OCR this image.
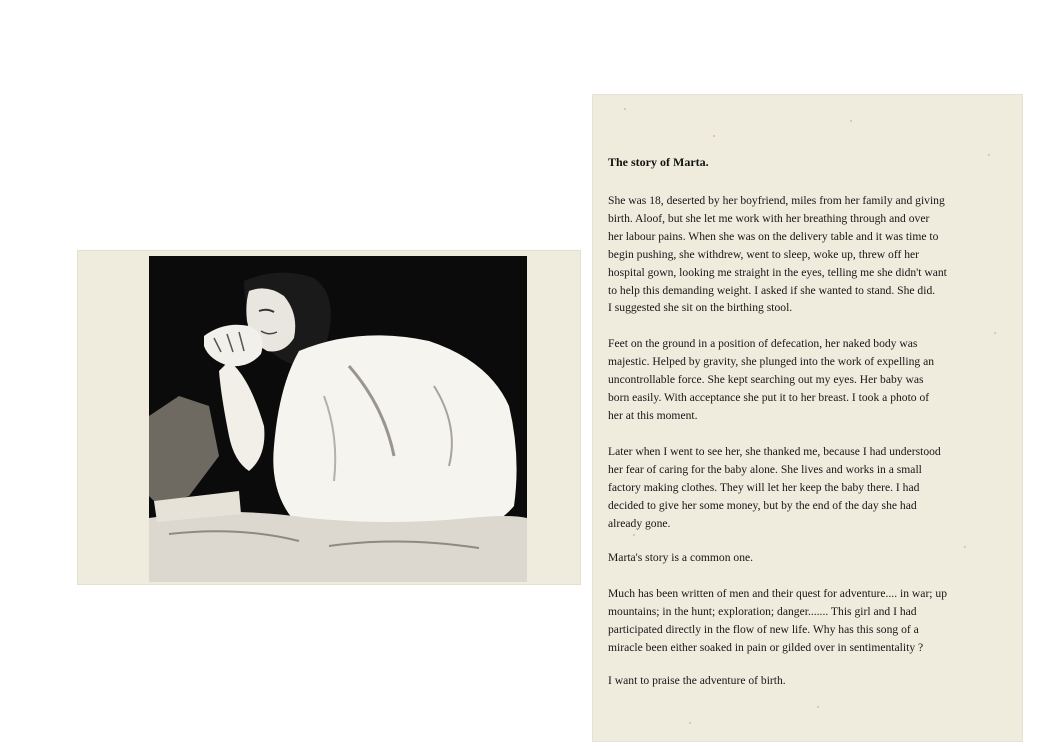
The story of Marta.

She was 18, deserted by her boyfriend, miles from her family and giving
birth. Aloof, but she let me work with her breathing through and over
her labour pains. When she was on the delivery table and it was time to
begin pushing, she withdrew, went to sleep, woke up, threw off her
hospital gown, looking me straight in the eyes, telling me she didn't want
to help this demanding weight. I asked if she wanted to stand. She did.
I suggested she sit on the birthing stool.

Feet on the ground in a position of defecation, her naked body was
majestic. Helped by gravity, she plunged into the work of expelling an
uncontrollable force. She kept searching out my eyes. Her baby was
born easily. With acceptance she put it to her breast. I took a photo of
her at this moment.

Later when I went to see her, she thanked me, because I had understood
her fear of caring for the baby alone. She lives and works in a small
factory making clothes. They will let her keep the baby there. I had
decided to give her some money, but by the end of the day she had
already gone.

Marta's story is a common one.

Much has been written of men and their quest for adventure.... in war; up
mountains; in the hunt; exploration; danger....... This girl and I had
participated directly in the flow of new life. Why has this song of a
miracle been either soaked in pain or gilded over in sentimentality ?

I want to praise the adventure of birth.
